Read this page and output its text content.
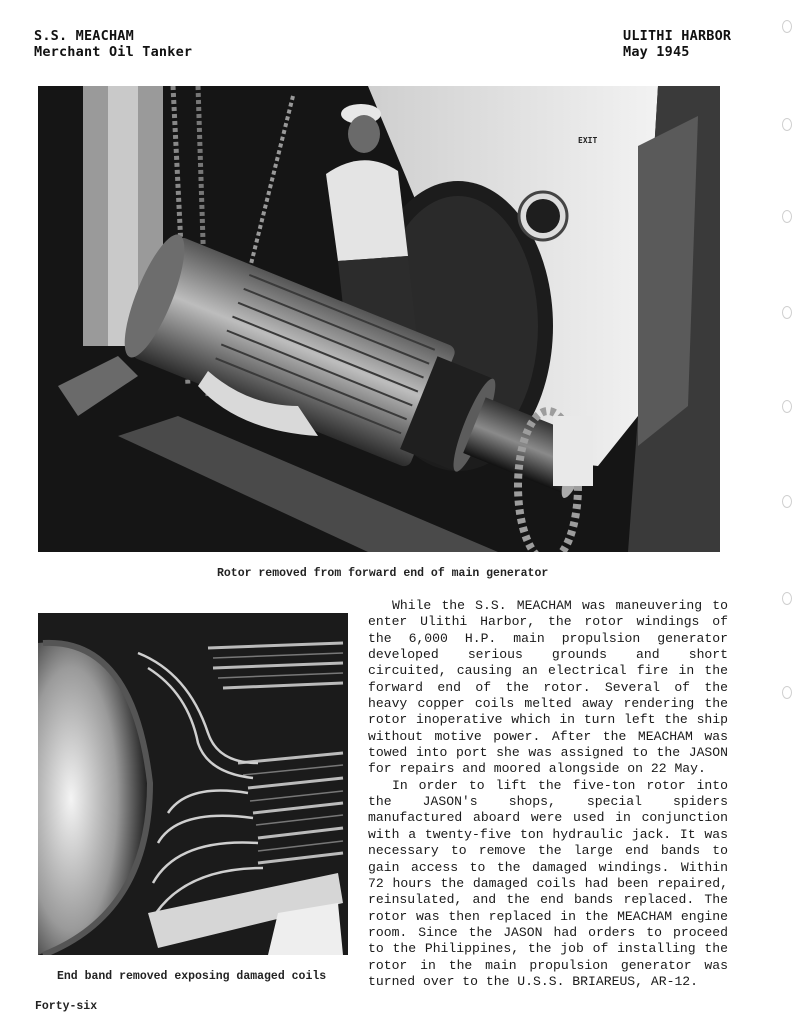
S.S. MEACHAM
Merchant Oil Tanker
ULITHI HARBOR
May 1945
EXIT
Rotor removed from forward end of main generator
End band removed exposing damaged coils

While the S.S. MEACHAM was maneuvering to enter Ulithi Harbor, the rotor windings of the 6,000 H.P. main propulsion generator developed serious grounds and short circuited, causing an electrical fire in the forward end of the rotor. Several of the heavy copper coils melted away rendering the rotor inoperative which in turn left the ship without motive power. After the MEACHAM was towed into port she was assigned to the JASON for repairs and moored alongside on 22 May.

In order to lift the five-ton rotor into the JASON's shops, special spiders manufactured aboard were used in conjunction with a twenty-five ton hydraulic jack. It was necessary to remove the large end bands to gain access to the damaged windings. Within 72 hours the damaged coils had been repaired, reinsulated, and the end bands replaced. The rotor was then replaced in the MEACHAM engine room. Since the JASON had orders to proceed to the Philippines, the job of installing the rotor in the main propulsion generator was turned over to the U.S.S. BRIAREUS, AR-12.

Forty-six
